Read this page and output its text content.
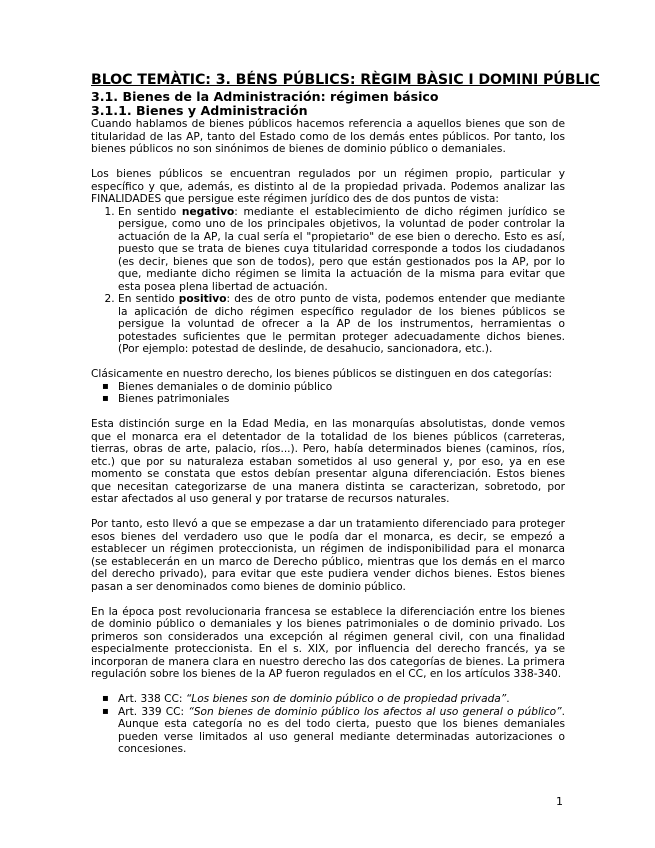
BLOC TEMÀTIC: 3. BÉNS PÚBLICS: RÈGIM BÀSIC I DOMINI PÚBLIC
3.1. Bienes de la Administración: régimen básico
3.1.1. Bienes y Administración

Cuando hablamos de bienes públicos hacemos referencia a aquellos bienes que son de titularidad de las AP, tanto del Estado como de los demás entes públicos. Por tanto, los bienes públicos no son sinónimos de bienes de dominio público o demaniales.

Los bienes públicos se encuentran regulados por un régimen propio, particular y específico y que, además, es distinto al de la propiedad privada. Podemos analizar las FINALIDADES que persigue este régimen jurídico des de dos puntos de vista:

1. En sentido negativo: mediante el establecimiento de dicho régimen jurídico se persigue, como uno de los principales objetivos, la voluntad de poder controlar la actuación de la AP, la cual sería el "propietario" de ese bien o derecho. Esto es así, puesto que se trata de bienes cuya titularidad corresponde a todos los ciudadanos (es decir, bienes que son de todos), pero que están gestionados pos la AP, por lo que, mediante dicho régimen se limita la actuación de la misma para evitar que esta posea plena libertad de actuación.
2. En sentido positivo: des de otro punto de vista, podemos entender que mediante la aplicación de dicho régimen específico regulador de los bienes públicos se persigue la voluntad de ofrecer a la AP de los instrumentos, herramientas o potestades suficientes que le permitan proteger adecuadamente dichos bienes. (Por ejemplo: potestad de deslinde, de desahucio, sancionadora, etc.).

Clásicamente en nuestro derecho, los bienes públicos se distinguen en dos categorías:

▪ Bienes demaniales o de dominio público
▪ Bienes patrimoniales

Esta distinción surge en la Edad Media, en las monarquías absolutistas, donde vemos que el monarca era el detentador de la totalidad de los bienes públicos (carreteras, tierras, obras de arte, palacio, ríos...). Pero, había determinados bienes (caminos, ríos, etc.) que por su naturaleza estaban sometidos al uso general y, por eso, ya en ese momento se constata que estos debían presentar alguna diferenciación. Estos bienes que necesitan categorizarse de una manera distinta se caracterizan, sobretodo, por estar afectados al uso general y por tratarse de recursos naturales.

Por tanto, esto llevó a que se empezase a dar un tratamiento diferenciado para proteger esos bienes del verdadero uso que le podía dar el monarca, es decir, se empezó a establecer un régimen proteccionista, un régimen de indisponibilidad para el monarca (se establecerán en un marco de Derecho público, mientras que los demás en el marco del derecho privado), para evitar que este pudiera vender dichos bienes. Estos bienes pasan a ser denominados como bienes de dominio público.

En la época post revolucionaria francesa se establece la diferenciación entre los bienes de dominio público o demaniales y los bienes patrimoniales o de dominio privado. Los primeros son considerados una excepción al régimen general civil, con una finalidad especialmente proteccionista. En el s. XIX, por influencia del derecho francés, ya se incorporan de manera clara en nuestro derecho las dos categorías de bienes. La primera regulación sobre los bienes de la AP fueron regulados en el CC, en los artículos 338-340.

▪ Art. 338 CC: “Los bienes son de dominio público o de propiedad privada”.
▪ Art. 339 CC: “Son bienes de dominio público los afectos al uso general o público”. Aunque esta categoría no es del todo cierta, puesto que los bienes demaniales pueden verse limitados al uso general mediante determinadas autorizaciones o concesiones.
1
